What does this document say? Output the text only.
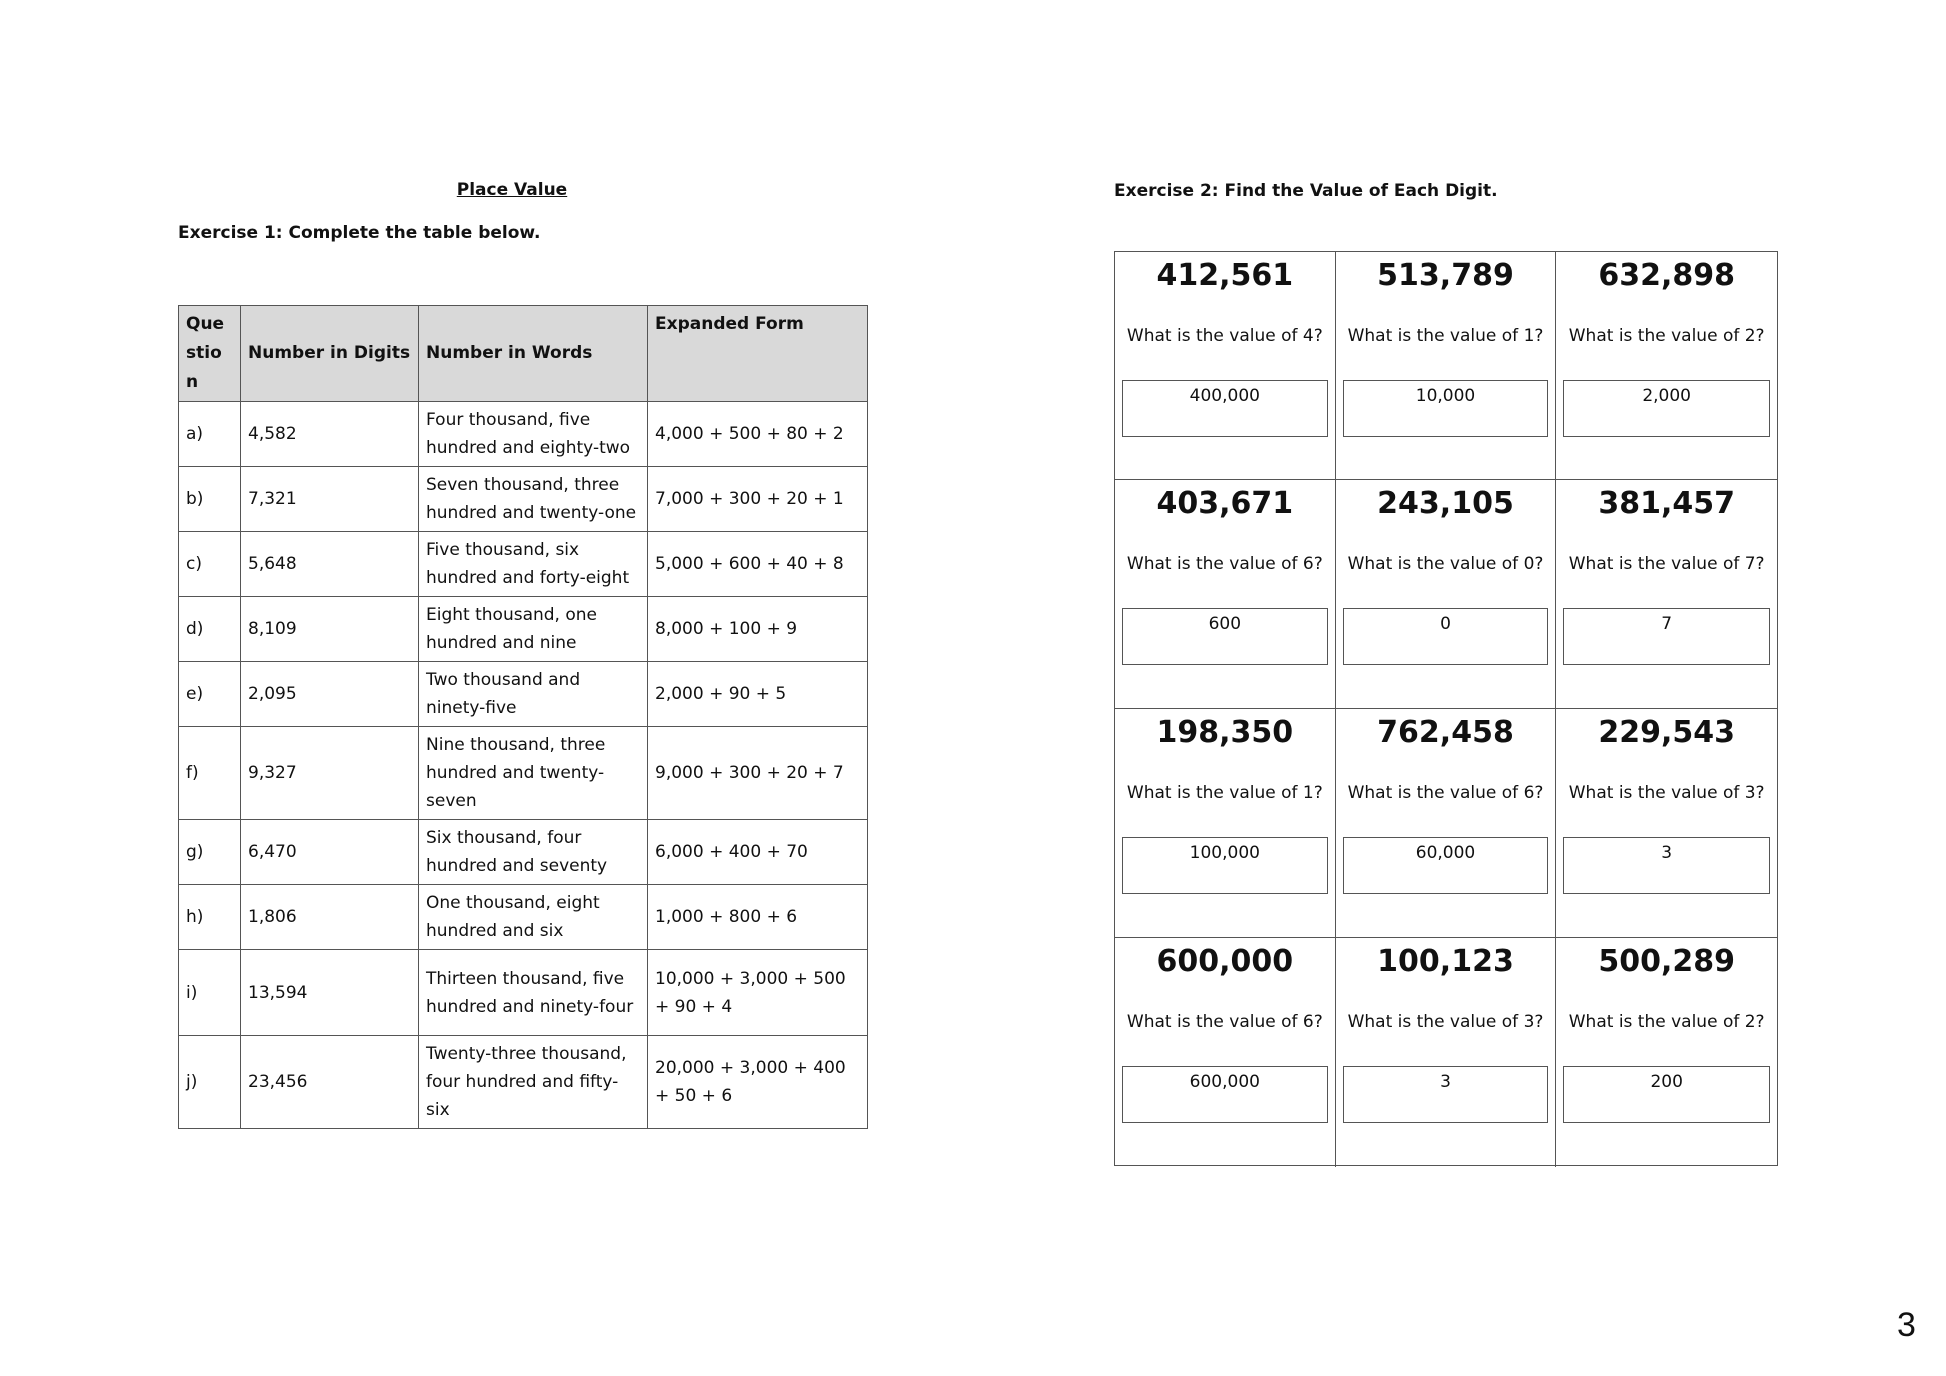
Place Value
Exercise 1: Complete the table below.
Question	Number in Digits	Number in Words	Expanded Form
a)	4,582	Four thousand, five hundred and eighty-two	4,000 + 500 + 80 + 2
b)	7,321	Seven thousand, three hundred and twenty-one	7,000 + 300 + 20 + 1
c)	5,648	Five thousand, six hundred and forty-eight	5,000 + 600 + 40 + 8
d)	8,109	Eight thousand, one hundred and nine	8,000 + 100 + 9
e)	2,095	Two thousand and ninety-five	2,000 + 90 + 5
f)	9,327	Nine thousand, three hundred and twenty-seven	9,000 + 300 + 20 + 7
g)	6,470	Six thousand, four hundred and seventy	6,000 + 400 + 70
h)	1,806	One thousand, eight hundred and six	1,000 + 800 + 6
i)	13,594	Thirteen thousand, five hundred and ninety-four	10,000 + 3,000 + 500 + 90 + 4
j)	23,456	Twenty-three thousand, four hundred and fifty-six	20,000 + 3,000 + 400 + 50 + 6
Exercise 2: Find the Value of Each Digit.
412,561
What is the value of 4?
400,000
513,789
What is the value of 1?
10,000
632,898
What is the value of 2?
2,000
403,671
What is the value of 6?
600
243,105
What is the value of 0?
0
381,457
What is the value of 7?
7
198,350
What is the value of 1?
100,000
762,458
What is the value of 6?
60,000
229,543
What is the value of 3?
3
600,000
What is the value of 6?
600,000
100,123
What is the value of 3?
3
500,289
What is the value of 2?
200
3
